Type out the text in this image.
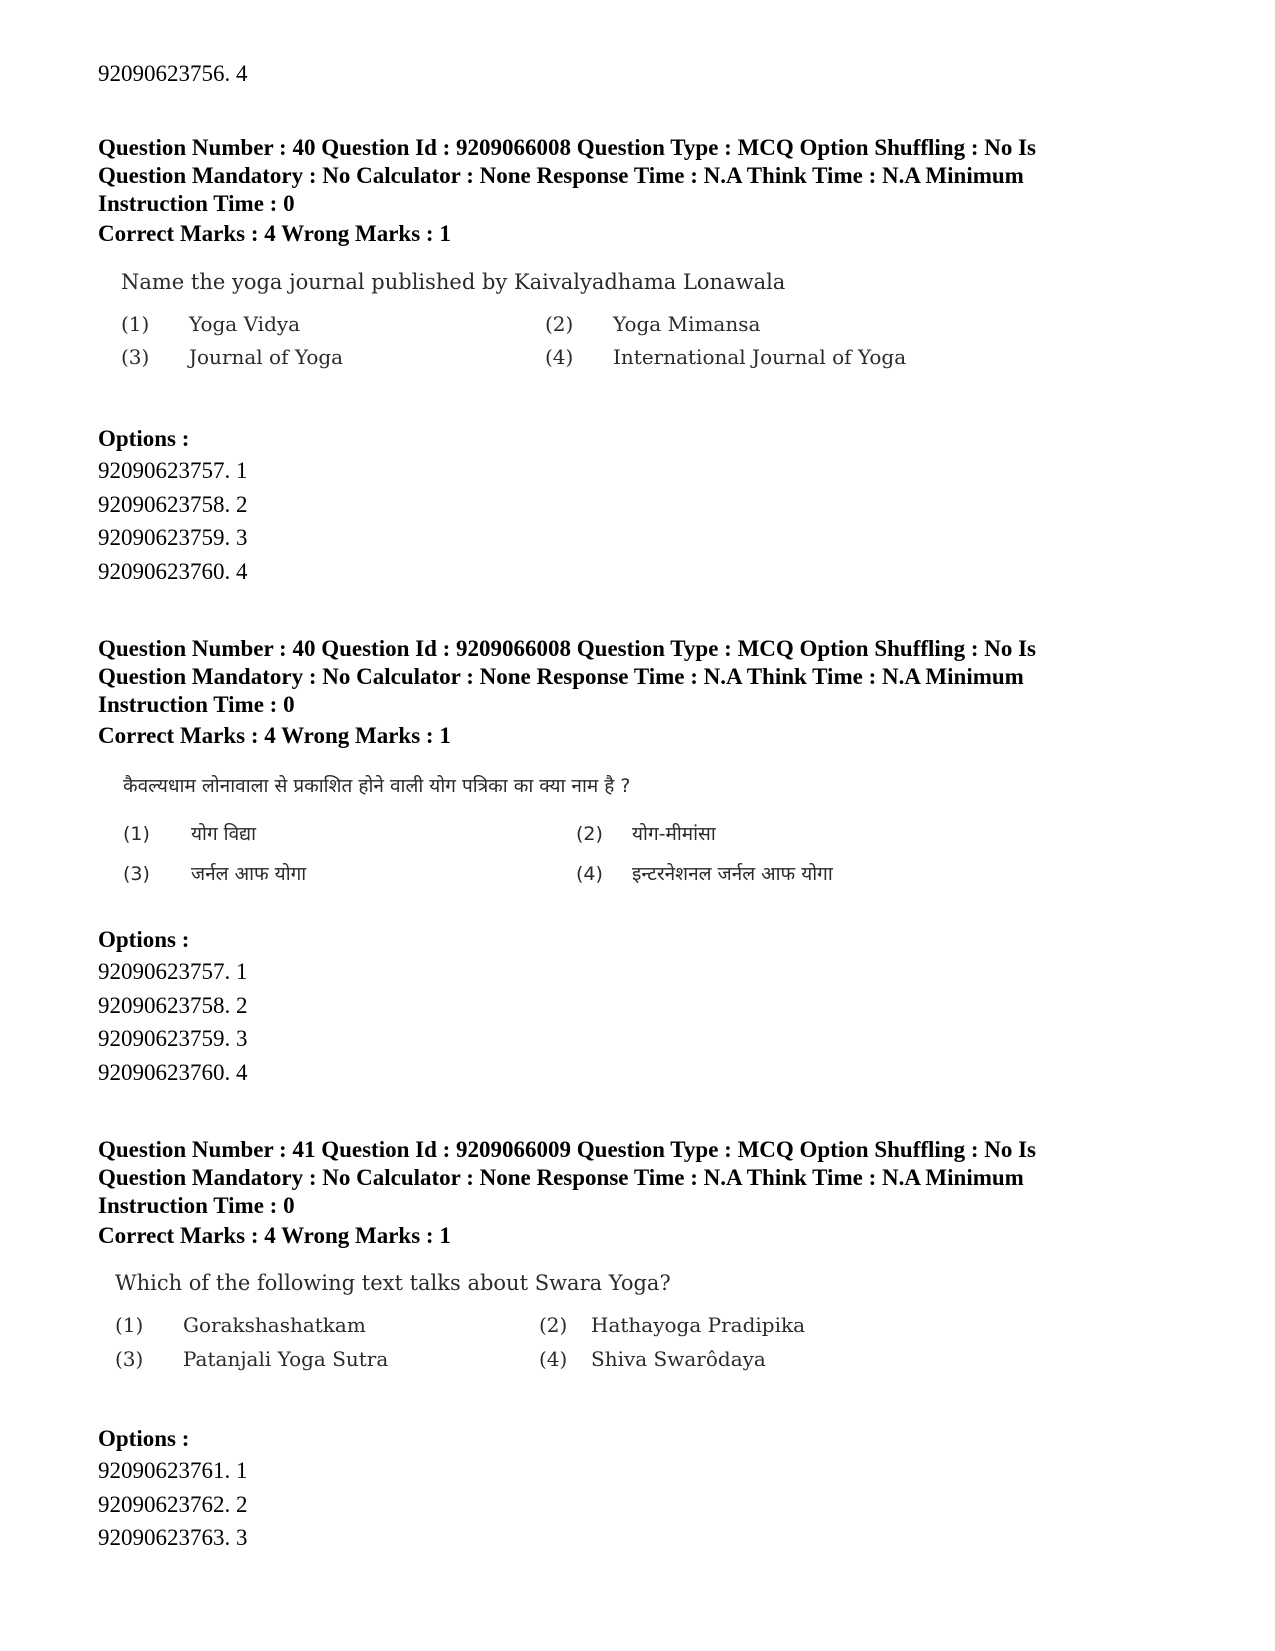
92090623756. 4
Question Number : 40 Question Id : 9209066008 Question Type : MCQ Option Shuffling : No Is
Question Mandatory : No Calculator : None Response Time : N.A Think Time : N.A Minimum
Instruction Time : 0
Correct Marks : 4 Wrong Marks : 1
Name the yoga journal published by Kaivalyadhama Lonawala
(1) Yoga Vidya	(2) Yoga Mimansa
(3) Journal of Yoga	(4) International Journal of Yoga
Options :
92090623757. 1
92090623758. 2
92090623759. 3
92090623760. 4
Question Number : 40 Question Id : 9209066008 Question Type : MCQ Option Shuffling : No Is
Question Mandatory : No Calculator : None Response Time : N.A Think Time : N.A Minimum
Instruction Time : 0
Correct Marks : 4 Wrong Marks : 1
कैवल्यधाम लोनावाला से प्रकाशित होने वाली योग पत्रिका का क्या नाम है ?
(1) योग विद्या	(2) योग-मीमांसा
(3) जर्नल आफ योगा	(4) इन्टरनेशनल जर्नल आफ योगा
Options :
92090623757. 1
92090623758. 2
92090623759. 3
92090623760. 4
Question Number : 41 Question Id : 9209066009 Question Type : MCQ Option Shuffling : No Is
Question Mandatory : No Calculator : None Response Time : N.A Think Time : N.A Minimum
Instruction Time : 0
Correct Marks : 4 Wrong Marks : 1
Which of the following text talks about Swara Yoga?
(1) Gorakshashatkam	(2) Hathayoga Pradipika
(3) Patanjali Yoga Sutra	(4) Shiva Swarôdaya
Options :
92090623761. 1
92090623762. 2
92090623763. 3
